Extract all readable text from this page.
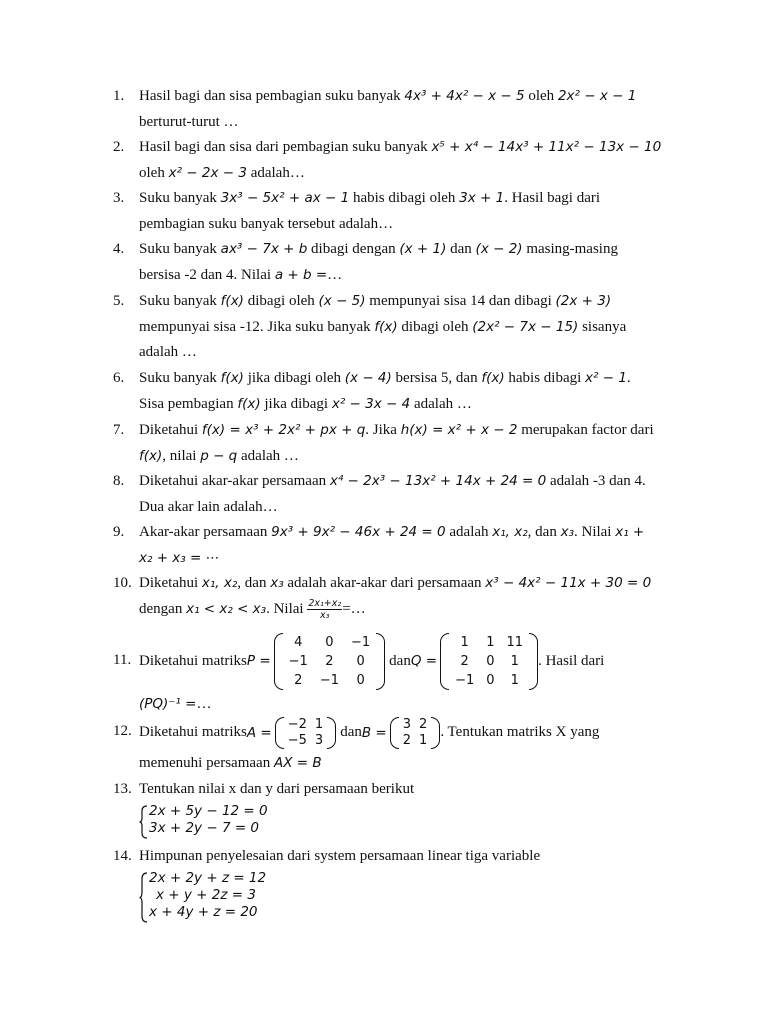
1. Hasil bagi dan sisa pembagian suku banyak 4x³ + 4x² − x − 5 oleh 2x² − x − 1
berturut-turut …
2. Hasil bagi dan sisa dari pembagian suku banyak x⁵ + x⁴ − 14x³ + 11x² − 13x − 10
oleh x² − 2x − 3 adalah…
3. Suku banyak 3x³ − 5x² + ax − 1 habis dibagi oleh 3x + 1. Hasil bagi dari
pembagian suku banyak tersebut adalah…
4. Suku banyak ax³ − 7x + b dibagi dengan (x + 1) dan (x − 2) masing-masing
bersisa -2 dan 4. Nilai a + b =…
5. Suku banyak f(x) dibagi oleh (x − 5) mempunyai sisa 14 dan dibagi (2x + 3)
mempunyai sisa -12. Jika suku banyak f(x) dibagi oleh (2x² − 7x − 15) sisanya
adalah …
6. Suku banyak f(x) jika dibagi oleh (x − 4) bersisa 5, dan f(x) habis dibagi x² − 1.
Sisa pembagian f(x) jika dibagi x² − 3x − 4 adalah …
7. Diketahui f(x) = x³ + 2x² + px + q. Jika h(x) = x² + x − 2 merupakan factor dari
f(x), nilai p − q adalah …
8. Diketahui akar-akar persamaan x⁴ − 2x³ − 13x² + 14x + 24 = 0 adalah -3 dan 4.
Dua akar lain adalah…
9. Akar-akar persamaan 9x³ + 9x² − 46x + 24 = 0 adalah x₁, x₂, dan x₃. Nilai x₁ +
x₂ + x₃ = ⋯
10. Diketahui x₁, x₂, dan x₃ adalah akar-akar dari persamaan x³ − 4x² − 11x + 30 = 0
dengan x₁ < x₂ < x₃. Nilai $\frac{\text{2x₁+x₂}}{\text{x₃}}$ =…
11. Diketahui matriks P =
4	0	−1
−1	2	0
2	−1	0
dan Q =
1	1	11
2	0	1
−1	0	1
. Hasil dari
(PQ)⁻¹ =…
12. Diketahui matriks A =
−2	1
−5	3 dan B =
3	2
2	1 . Tentukan matriks X yang
memenuhi persamaan AX = B
13. Tentukan nilai x dan y dari persamaan berikut
2x + 5y − 12 = 0
3x + 2y − 7 = 0
14. Himpunan penyelesaian dari system persamaan linear tiga variable
2x + 2y + z = 12
x + y + 2z = 3
x + 4y + z = 20
